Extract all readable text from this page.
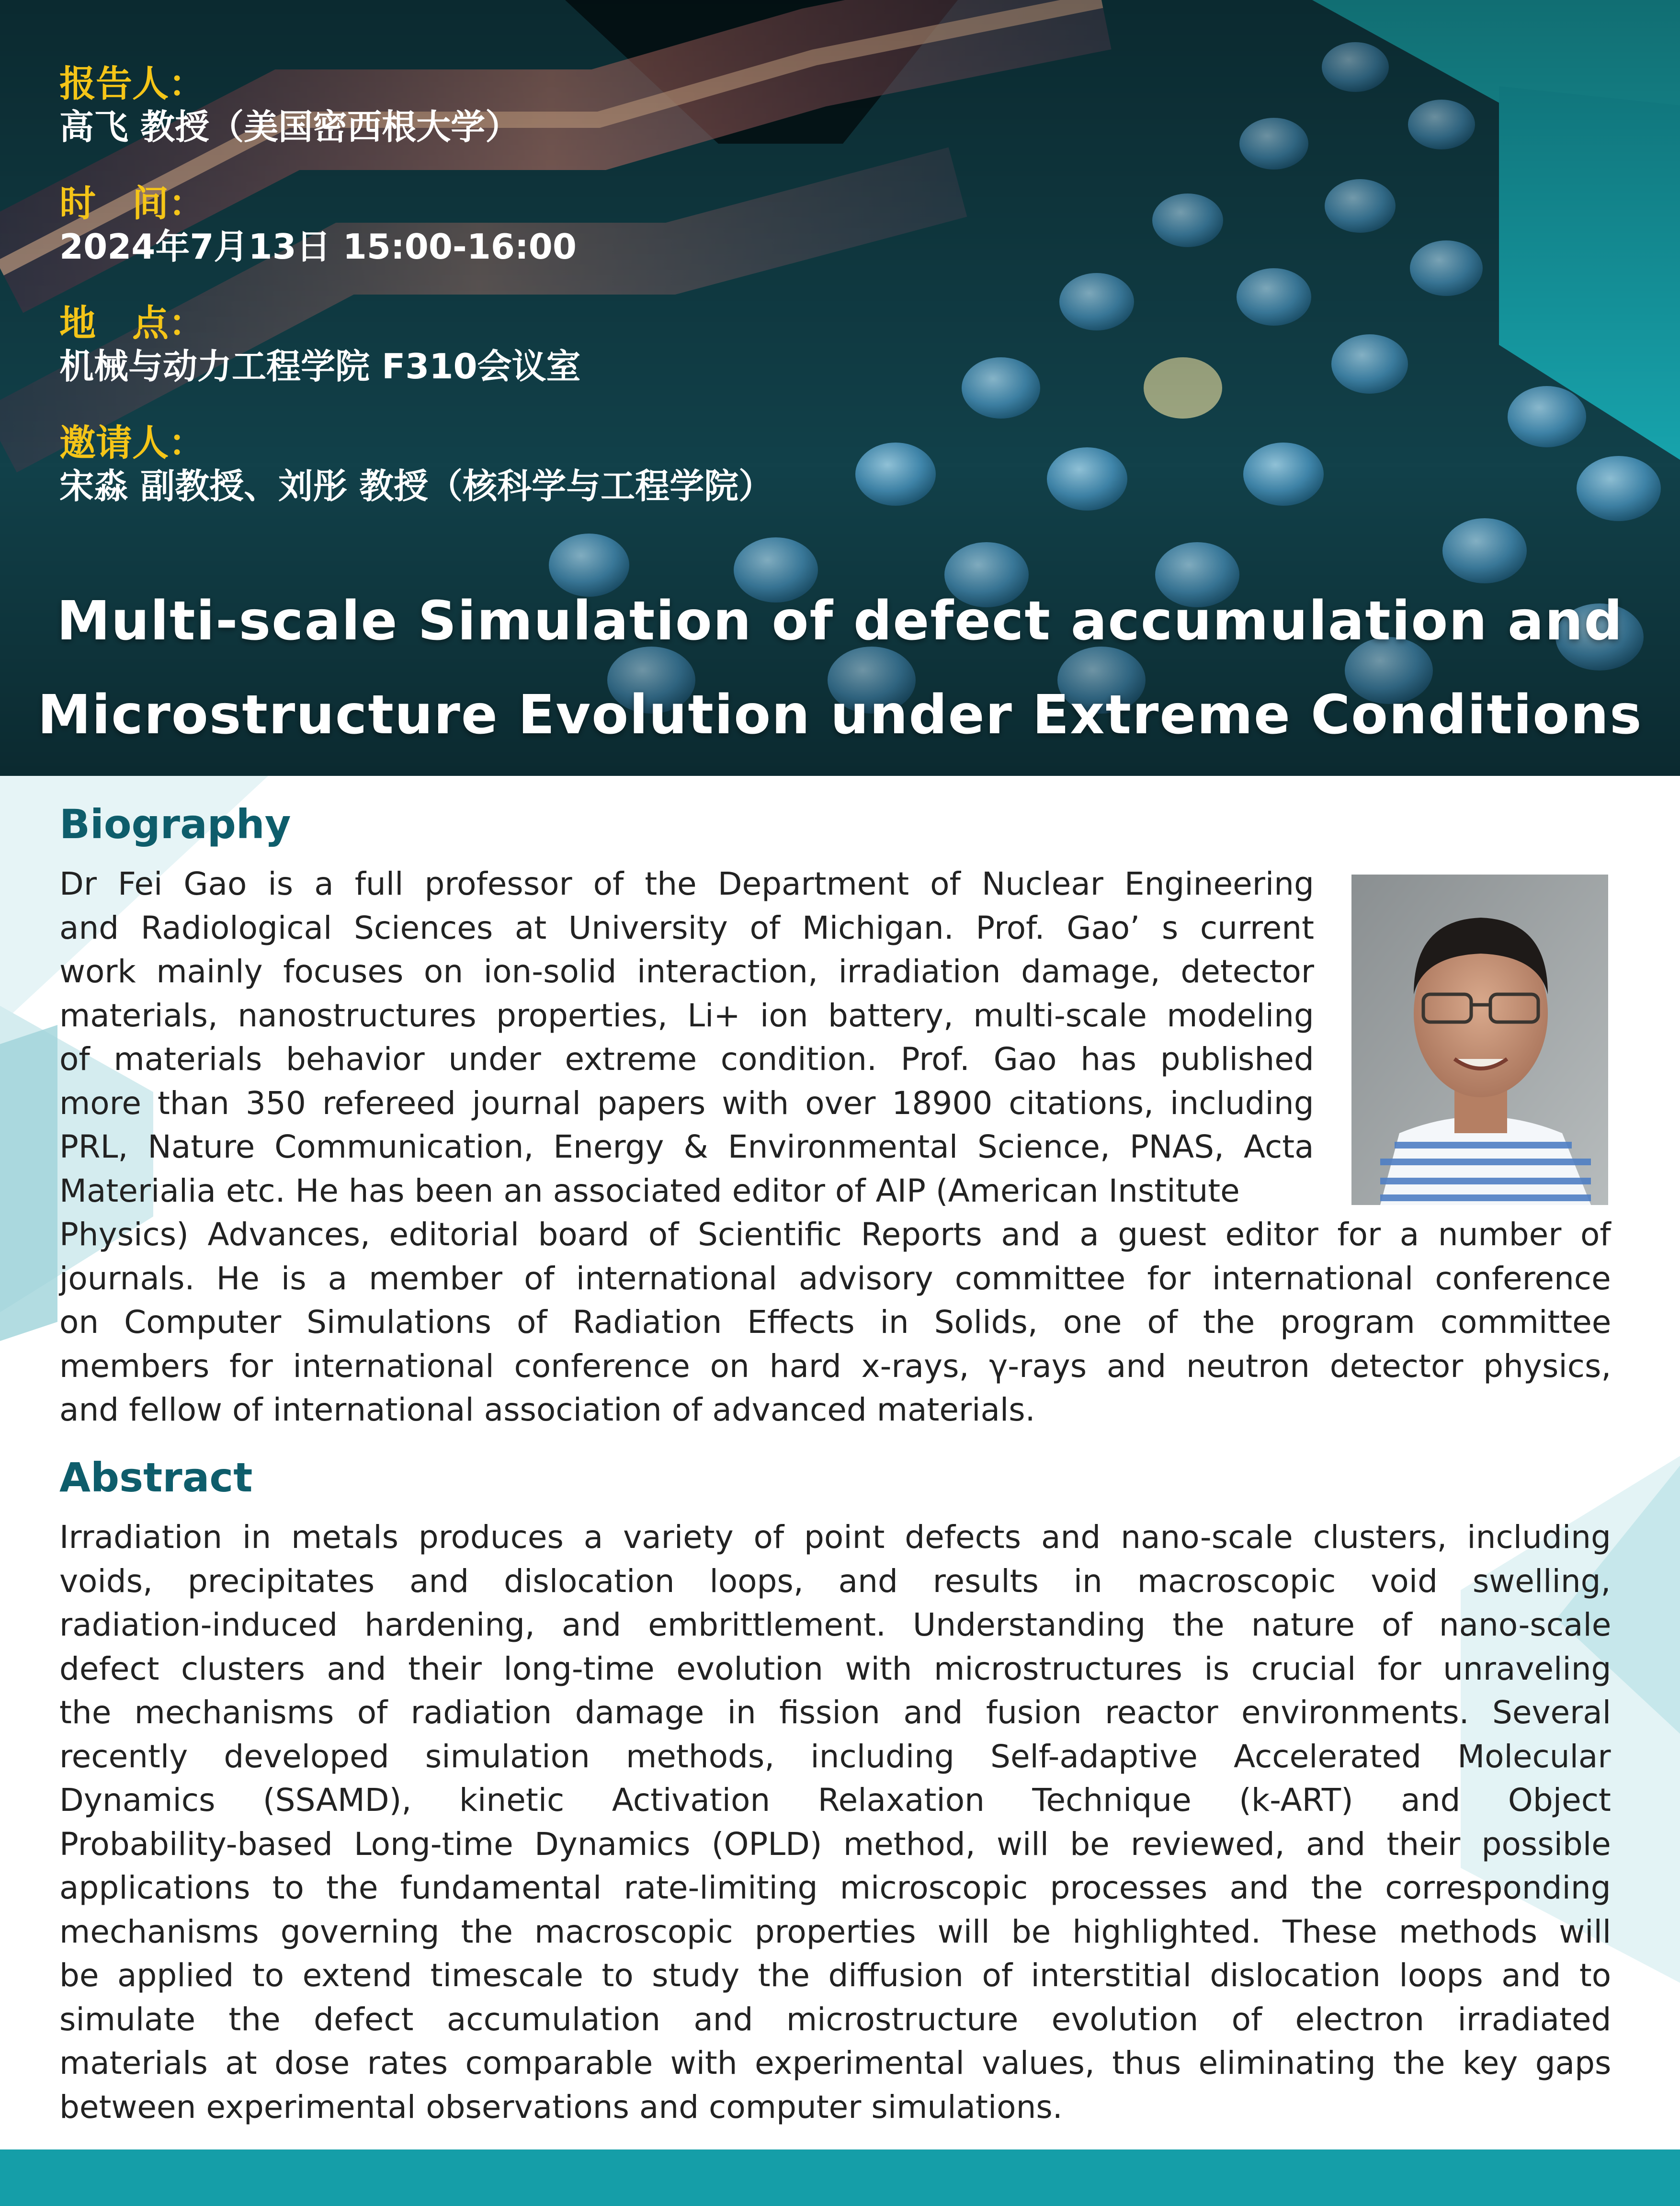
报告人：
高飞 教授（美国密西根大学）
时　间：
2024年7月13日 15:00-16:00
地　点：
机械与动力工程学院 F310会议室
邀请人：
宋淼 副教授、刘彤 教授（核科学与工程学院）
Multi-scale Simulation of defect accumulation and
Microstructure Evolution under Extreme Conditions
Biography
Dr Fei Gao is a full professor of the Department of Nuclear Engineering
and Radiological Sciences at University of Michigan. Prof. Gao’ s current
work mainly focuses on ion-solid interaction, irradiation damage, detector
materials, nanostructures properties, Li+ ion battery, multi-scale modeling
of materials behavior under extreme condition. Prof. Gao has published
more than 350 refereed journal papers with over 18900 citations, including
PRL, Nature Communication, Energy & Environmental Science, PNAS, Acta
Materialia etc. He has been an associated editor of AIP (American Institute
Physics) Advances, editorial board of Scientific Reports and a guest editor for a number of
journals. He is a member of international advisory committee for international conference
on Computer Simulations of Radiation Effects in Solids, one of the program committee
members for international conference on hard x-rays, γ-rays and neutron detector physics,
and fellow of international association of advanced materials.
Abstract
Irradiation in metals produces a variety of point defects and nano-scale clusters, including
voids, precipitates and dislocation loops, and results in macroscopic void swelling,
radiation-induced hardening, and embrittlement. Understanding the nature of nano-scale
defect clusters and their long-time evolution with microstructures is crucial for unraveling
the mechanisms of radiation damage in fission and fusion reactor environments. Several
recently developed simulation methods, including Self-adaptive Accelerated Molecular
Dynamics (SSAMD), kinetic Activation Relaxation Technique (k-ART) and Object
Probability-based Long-time Dynamics (OPLD) method, will be reviewed, and their possible
applications to the fundamental rate-limiting microscopic processes and the corresponding
mechanisms governing the macroscopic properties will be highlighted. These methods will
be applied to extend timescale to study the diffusion of interstitial dislocation loops and to
simulate the defect accumulation and microstructure evolution of electron irradiated
materials at dose rates comparable with experimental values, thus eliminating the key gaps
between experimental observations and computer simulations.
